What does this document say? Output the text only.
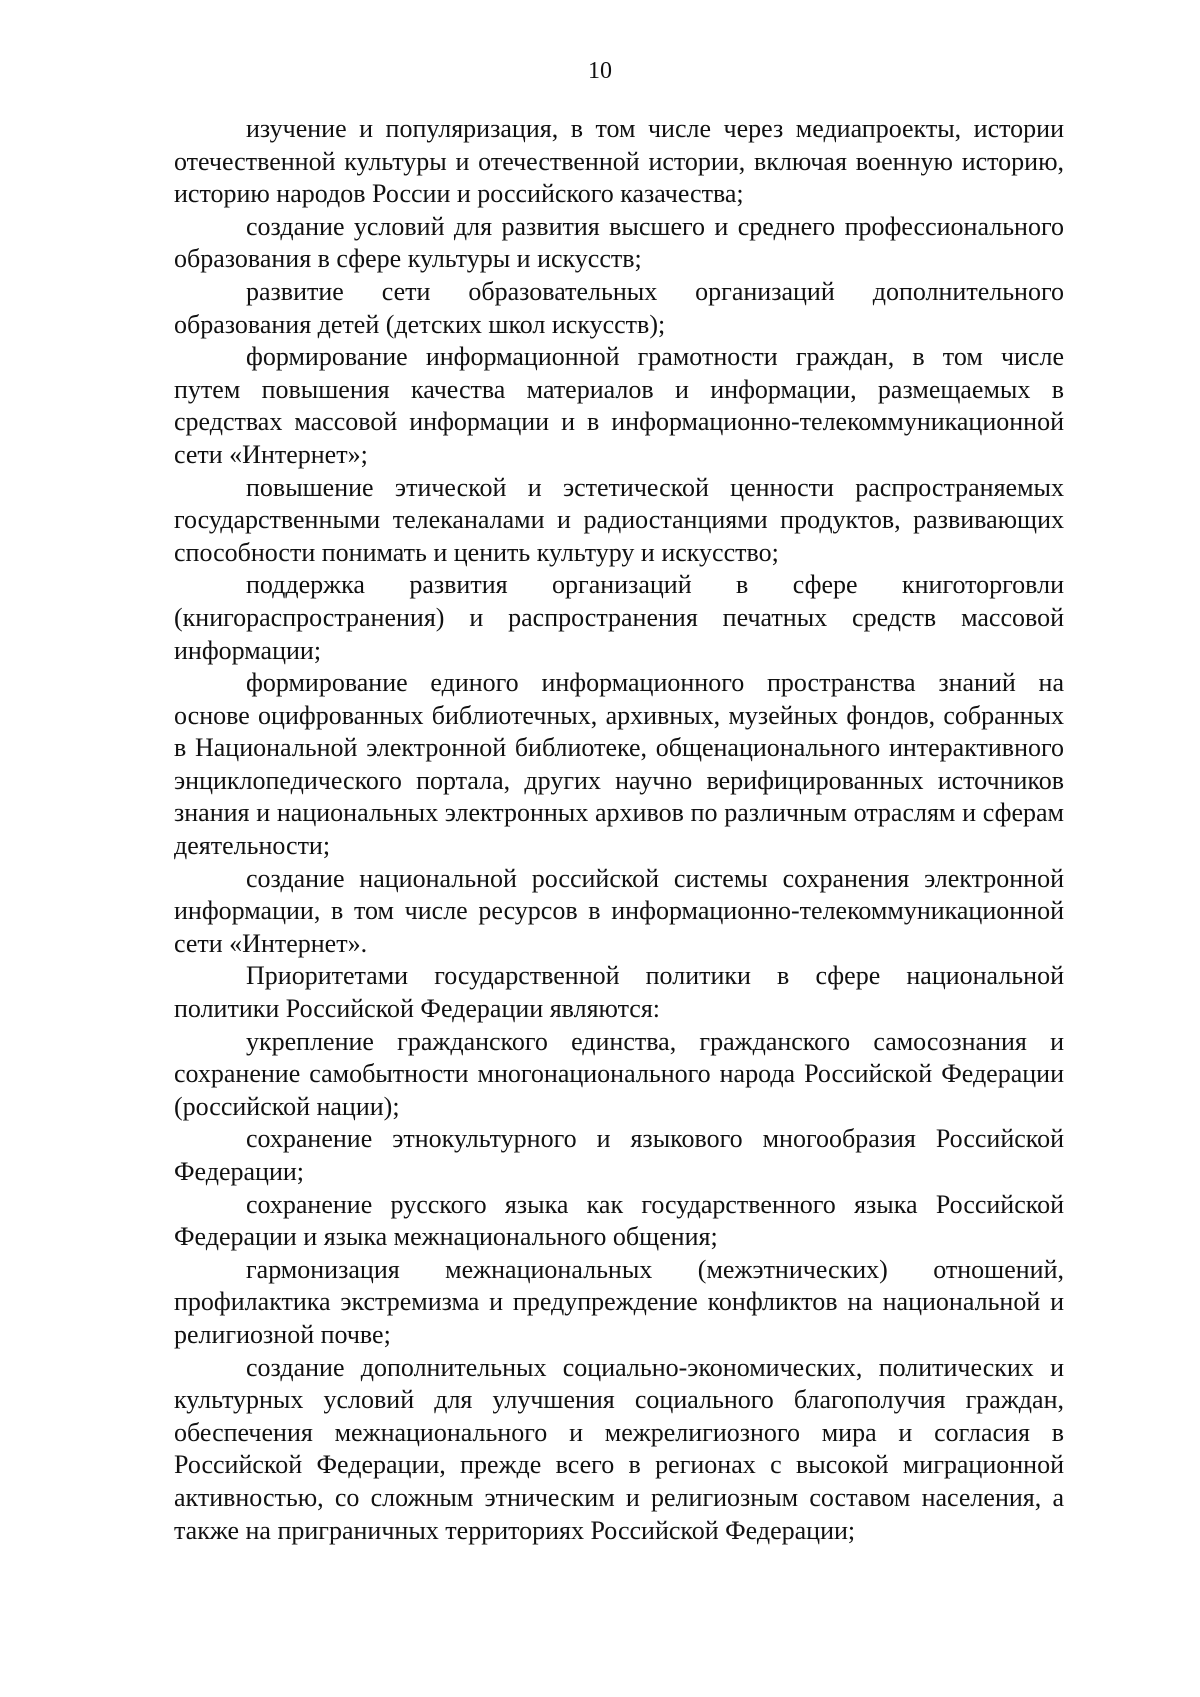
10

изучение и популяризация, в том числе через медиапроекты, истории отечественной культуры и отечественной истории, включая военную историю, историю народов России и российского казачества;

создание условий для развития высшего и среднего профессионального образования в сфере культуры и искусств;

развитие сети образовательных организаций дополнительного образования детей (детских школ искусств);

формирование информационной грамотности граждан, в том числе путем повышения качества материалов и информации, размещаемых в средствах массовой информации и в информационно-телекоммуникационной сети «Интернет»;

повышение этической и эстетической ценности распространяемых государственными телеканалами и радиостанциями продуктов, развивающих способности понимать и ценить культуру и искусство;

поддержка развития организаций в сфере книготорговли (книгораспространения) и распространения печатных средств массовой информации;

формирование единого информационного пространства знаний на основе оцифрованных библиотечных, архивных, музейных фондов, собранных в Национальной электронной библиотеке, общенационального интерактивного энциклопедического портала, других научно верифицированных источников знания и национальных электронных архивов по различным отраслям и сферам деятельности;

создание национальной российской системы сохранения электронной информации, в том числе ресурсов в информационно-телекоммуникационной сети «Интернет».

Приоритетами государственной политики в сфере национальной политики Российской Федерации являются:

укрепление гражданского единства, гражданского самосознания и сохранение самобытности многонационального народа Российской Федерации (российской нации);

сохранение этнокультурного и языкового многообразия Российской Федерации;

сохранение русского языка как государственного языка Российской Федерации и языка межнационального общения;

гармонизация межнациональных (межэтнических) отношений, профилактика экстремизма и предупреждение конфликтов на национальной и религиозной почве;

создание дополнительных социально-экономических, политических и культурных условий для улучшения социального благополучия граждан, обеспечения межнационального и межрелигиозного мира и согласия в Российской Федерации, прежде всего в регионах с высокой миграционной активностью, со сложным этническим и религиозным составом населения, а также на приграничных территориях Российской Федерации;
